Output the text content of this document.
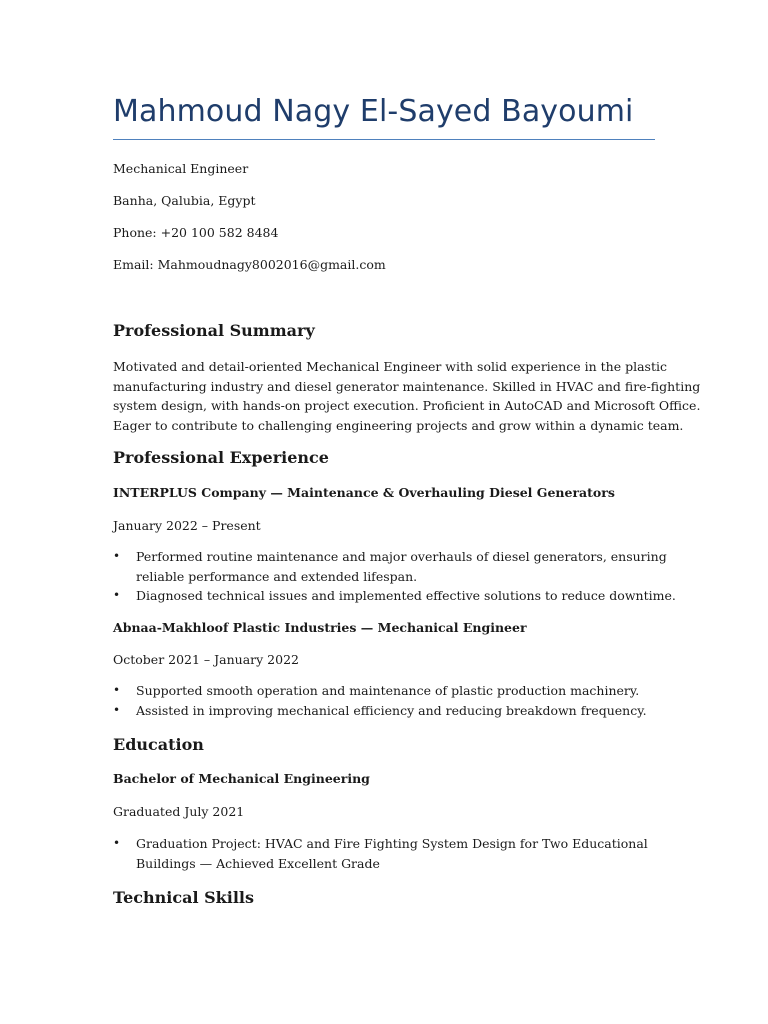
Mahmoud Nagy El-Sayed Bayoumi
Mechanical Engineer
Banha, Qalubia, Egypt
Phone: +20 100 582 8484
Email: Mahmoudnagy8002016@gmail.com
Professional Summary
Motivated and detail-oriented Mechanical Engineer with solid experience in the plastic
manufacturing industry and diesel generator maintenance. Skilled in HVAC and fire-fighting
system design, with hands-on project execution. Proficient in AutoCAD and Microsoft Office.
Eager to contribute to challenging engineering projects and grow within a dynamic team.
Professional Experience
INTERPLUS Company — Maintenance & Overhauling Diesel Generators
January 2022 – Present
• Performed routine maintenance and major overhauls of diesel generators, ensuring
reliable performance and extended lifespan.
• Diagnosed technical issues and implemented effective solutions to reduce downtime.
Abnaa-Makhloof Plastic Industries — Mechanical Engineer
October 2021 – January 2022
• Supported smooth operation and maintenance of plastic production machinery.
• Assisted in improving mechanical efficiency and reducing breakdown frequency.
Education
Bachelor of Mechanical Engineering
Graduated July 2021
• Graduation Project: HVAC and Fire Fighting System Design for Two Educational
Buildings — Achieved Excellent Grade
Technical Skills
